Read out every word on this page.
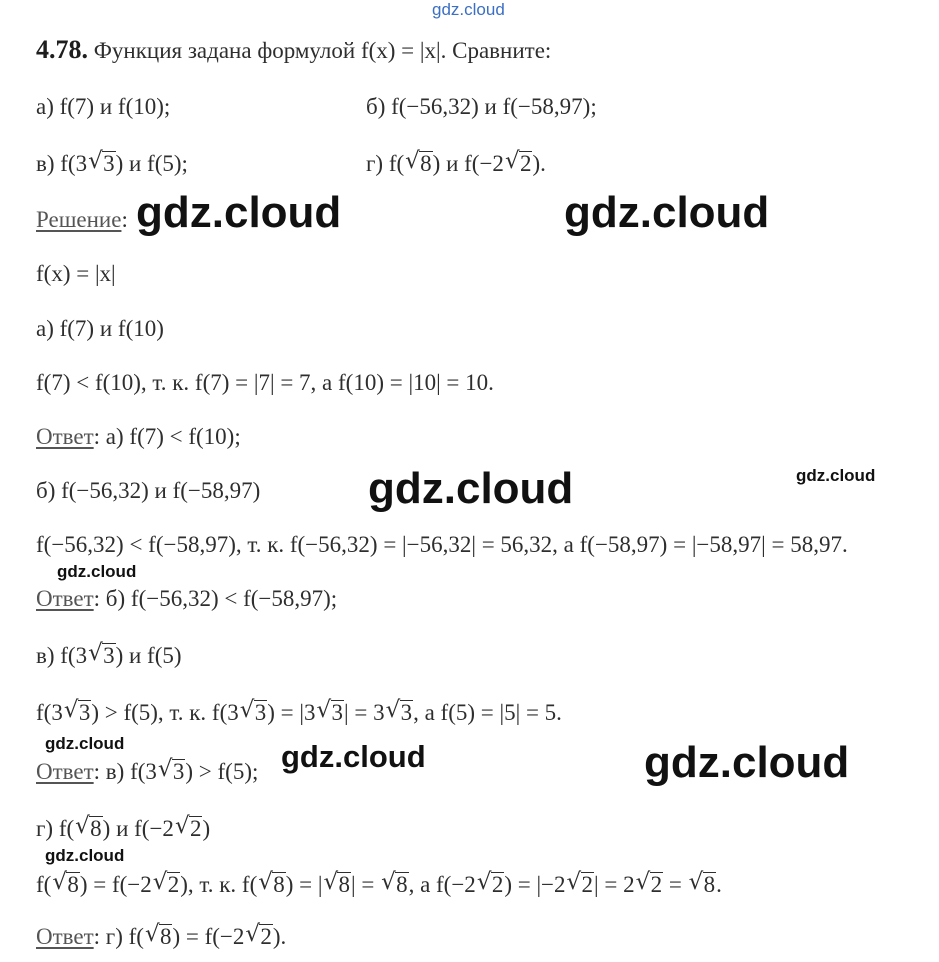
gdz.cloud
gdz.cloud	gdz.cloud
gdz.cloud	gdz.cloud
gdz.cloud
gdz.cloud	gdz.cloud	gdz.cloud
gdz.cloud
4.78. Функция задана формулой f(x) = |x|. Сравните:
а) f(7) и f(10);	б) f(−56,32) и f(−58,97);
в) f(3 √ 3) и f(5);	г) f( √ 8) и f(−2 √ 2).
Решение:
f(x) = |x|
а) f(7) и f(10)
f(7) < f(10), т. к. f(7) = |7| = 7, а f(10) = |10| = 10.
Ответ: а) f(7) < f(10);
б) f(−56,32) и f(−58,97)
f(−56,32) < f(−58,97), т. к. f(−56,32) = |−56,32| = 56,32, а f(−58,97) = |−58,97| = 58,97.
Ответ: б) f(−56,32) < f(−58,97);
в) f(3 √ 3) и f(5)
f(3 √ 3) > f(5), т. к. f(3 √ 3) = |3 √ 3| = 3 √ 3, а f(5) = |5| = 5.
Ответ: в) f(3 √ 3) > f(5);
г) f( √ 8) и f(−2 √ 2)
f( √ 8) = f(−2 √ 2), т. к. f( √ 8) = | √ 8| = √ 8, а f(−2 √ 2) = |−2 √ 2| = 2 √ 2 = √ 8.
Ответ: г) f( √ 8) = f(−2 √ 2).
